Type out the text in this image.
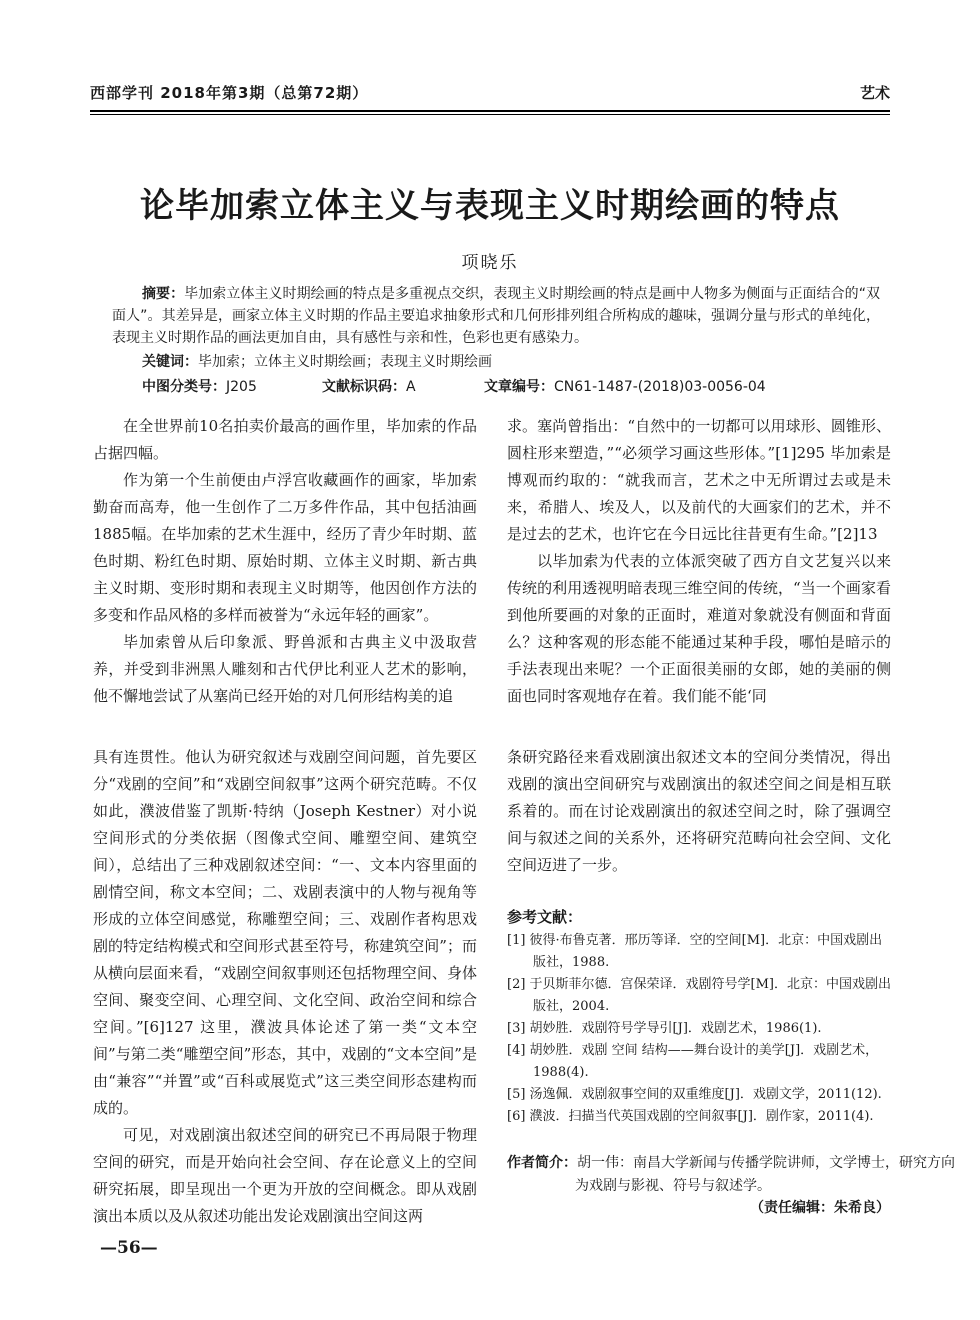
西部学刊 2018年第3期（总第72期）	艺术
论毕加索立体主义与表现主义时期绘画的特点
项晓乐
摘要：毕加索立体主义时期绘画的特点是多重视点交织，表现主义时期绘画的特点是画中人物多为侧面与正面结合的“双面人”。其差异是，画家立体主义时期的作品主要追求抽象形式和几何形排列组合所构成的趣味，强调分量与形式的单纯化，表现主义时期作品的画法更加自由，具有感性与亲和性，色彩也更有感染力。
关键词：毕加索；立体主义时期绘画；表现主义时期绘画
中图分类号：J205	文献标识码：A	文章编号：CN61-1487-(2018)03-0056-04

在全世界前10名拍卖价最高的画作里，毕加索的作品占据四幅。

作为第一个生前便由卢浮宫收藏画作的画家，毕加索勤奋而高寿，他一生创作了二万多件作品，其中包括油画1885幅。在毕加索的艺术生涯中，经历了青少年时期、蓝色时期、粉红色时期、原始时期、立体主义时期、新古典主义时期、变形时期和表现主义时期等，他因创作方法的多变和作品风格的多样而被誉为“永远年轻的画家”。

毕加索曾从后印象派、野兽派和古典主义中汲取营养，并受到非洲黑人雕刻和古代伊比利亚人艺术的影响，他不懈地尝试了从塞尚已经开始的对几何形结构美的追

求。塞尚曾指出：“自然中的一切都可以用球形、圆锥形、圆柱形来塑造，”“必须学习画这些形体。”[1]295 毕加索是博观而约取的：“就我而言，艺术之中无所谓过去或是未来，希腊人、埃及人，以及前代的大画家们的艺术，并不是过去的艺术，也许它在今日远比往昔更有生命。”[2]13

以毕加索为代表的立体派突破了西方自文艺复兴以来传统的利用透视明暗表现三维空间的传统，“当一个画家看到他所要画的对象的正面时，难道对象就没有侧面和背面么？这种客观的形态能不能通过某种手段，哪怕是暗示的手法表现出来呢？一个正面很美丽的女郎，她的美丽的侧面也同时客观地存在着。我们能不能‘同

具有连贯性。他认为研究叙述与戏剧空间问题，首先要区分“戏剧的空间”和“戏剧空间叙事”这两个研究范畴。不仅如此，濮波借鉴了凯斯·特纳（Joseph Kestner）对小说空间形式的分类依据（图像式空间、雕塑空间、建筑空间），总结出了三种戏剧叙述空间：“一、文本内容里面的剧情空间，称文本空间；二、戏剧表演中的人物与视角等形成的立体空间感觉，称雕塑空间；三、戏剧作者构思戏剧的特定结构模式和空间形式甚至符号，称建筑空间”；而从横向层面来看，“戏剧空间叙事则还包括物理空间、身体空间、聚变空间、心理空间、文化空间、政治空间和综合空间。”[6]127 这里，濮波具体论述了第一类“文本空间”与第二类“雕塑空间”形态，其中，戏剧的“文本空间”是由“兼容”“并置”或“百科或展览式”这三类空间形态建构而成的。

可见，对戏剧演出叙述空间的研究已不再局限于物理空间的研究，而是开始向社会空间、存在论意义上的空间研究拓展，即呈现出一个更为开放的空间概念。即从戏剧演出本质以及从叙述功能出发论戏剧演出空间这两

条研究路径来看戏剧演出叙述文本的空间分类情况，得出戏剧的演出空间研究与戏剧演出的叙述空间之间是相互联系着的。而在讨论戏剧演出的叙述空间之时，除了强调空间与叙述之间的关系外，还将研究范畴向社会空间、文化空间迈进了一步。

参考文献：
[1] 彼得·布鲁克著．邢历等译．空的空间[M]．北京：中国戏剧出版社，1988.
[2] 于贝斯菲尔德．宫保荣译．戏剧符号学[M]．北京：中国戏剧出版社，2004.
[3] 胡妙胜．戏剧符号学导引[J]．戏剧艺术，1986(1).
[4] 胡妙胜．戏剧 空间 结构——舞台设计的美学[J]．戏剧艺术，1988(4).
[5] 汤逸佩．戏剧叙事空间的双重维度[J]．戏剧文学，2011(12).
[6] 濮波．扫描当代英国戏剧的空间叙事[J]．剧作家，2011(4).
作者简介：胡一伟：南昌大学新闻与传播学院讲师，文学博士，研究方向为戏剧与影视、符号与叙述学。
（责任编辑：朱希良）
—56—
